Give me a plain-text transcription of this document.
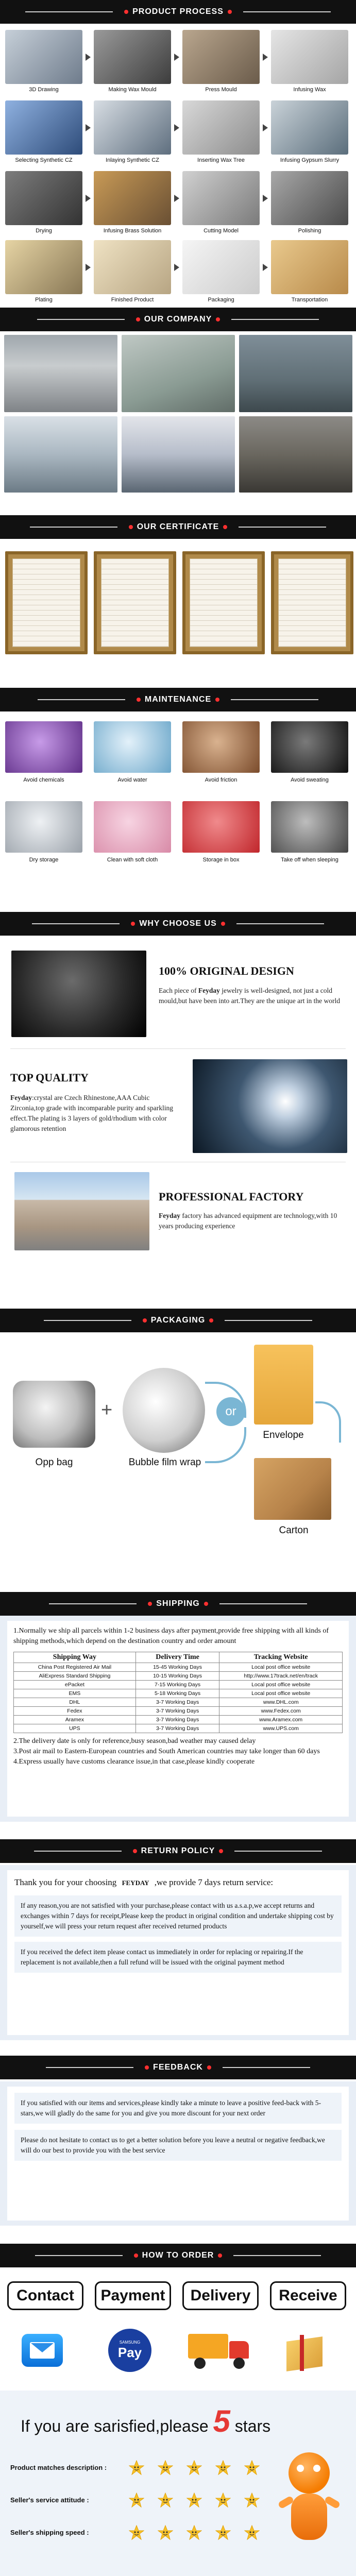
PRODUCT PROCESS
3D Drawing	Making Wax Mould	Press Mould	Infusing Wax
Selecting Synthetic CZ	Inlaying Synthetic CZ	Inserting Wax Tree	Infusing Gypsum Slurry
Drying	Infusing Brass Solution	Cutting Model	Polishing
Plating	Finished Product	Packaging	Transportation
OUR COMPANY
OUR CERTIFICATE
MAINTENANCE
Avoid chemicals	Avoid water	Avoid friction	Avoid sweating
Dry storage	Clean with soft cloth	Storage in box	Take off when sleeping
WHY CHOOSE US
100% ORIGINAL DESIGN
Each piece of Feyday jewelry is well-designed, not just a cold mould,but have been into art.They are the unique art in the world
TOP QUALITY
Feyday:crystal are Czech Rhinestone,AAA Cubic Zirconia,top grade with incomparable purity and sparkling effect.The plating is 3 layers of gold/rhodium with color glamorous retention
PROFESSIONAL FACTORY
Feyday factory has advanced equipment are technology,with 10 years producing experience
PACKAGING
Opp bag
+
Bubble film wrap
or
Envelope
Carton
SHIPPING
1.Normally we ship all parcels within 1-2 business days after payment,provide free shipping with all kinds of shipping methods,which depend on the destination country and order amount
Shipping Way	Delivery Time	Tracking Website
China Post Registered Air Mail	15-45 Working Days	Local post office website
AliExpress Standard Shipping	10-15 Working Days	http://www.17track.net/en/track
ePacket	7-15 Working Days	Local post office website
EMS	5-18 Working Days	Local post office website
DHL	3-7 Working Days	www.DHL.com
Fedex	3-7 Working Days	www.Fedex.com
Aramex	3-7 Working Days	www.Aramex.com
UPS	3-7 Working Days	www.UPS.com
2.The delivery date is only for reference,busy season,bad weather may caused delay
3.Post air mail to Eastern-European countries and South American countries may take longer than 60 days
4.Express usually have customs clearance issue,in that case,please kindly cooperate
RETURN POLICY

Thank you for your choosing FEYDAY ,we provide 7 days return service:

If any reason,you are not satisfied with your purchase,please contact with us a.s.a.p,we accept returns and exchanges within 7 days for receipt,Please keep the product in original condition and undertake shipping cost by yourself,we will press your return request after received returned products

If you received the defect item please contact us immediately in order for replacing or repairing.If the replacement is not available,then a full refund will be issued with the original payment method

FEEDBACK

If you satisfied with our items and services,please kindly take a minute to leave a positive feed-back with 5-stars,we will gladly do the same for you and give you more discount for your next order

Please do not hesitate to contact us to get a better solution before you leave a neutral or negative feedback,we will do our best to provide you with the best service

HOW TO ORDER
Contact	Payment	Delivery	Receive
SAMSUNG
Pay
If you are sarisfied,please 5 stars
Product matches description :
Seller's service attitude :
Seller's shipping speed :
